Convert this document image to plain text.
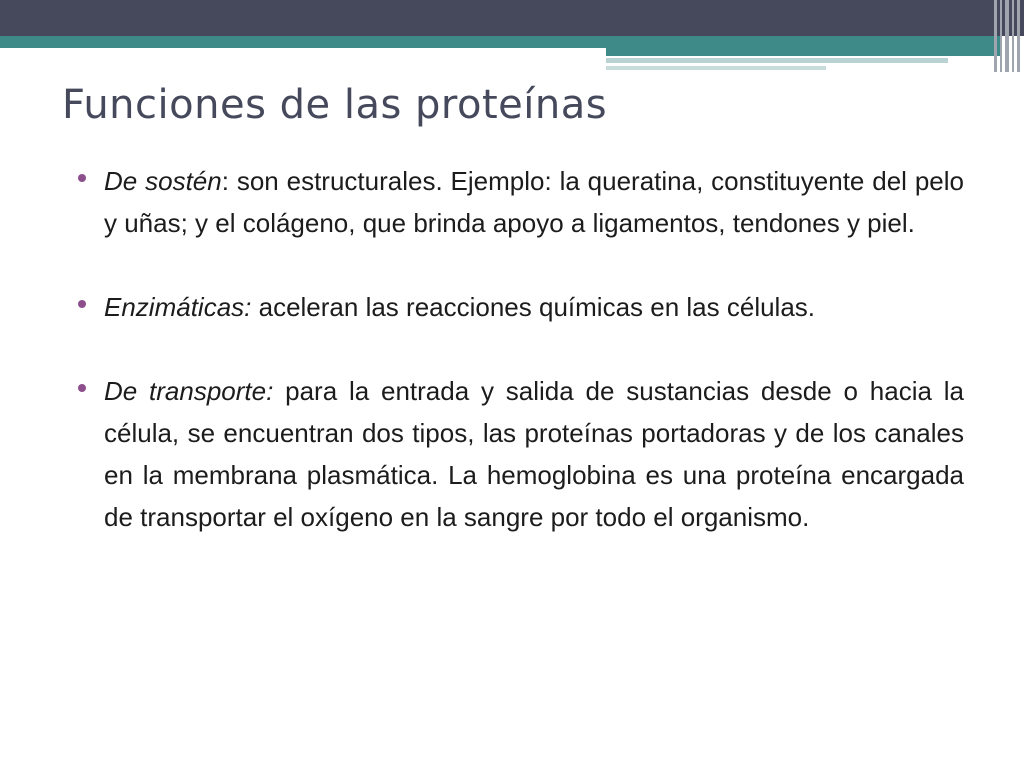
Funciones de las proteínas
De sostén: son estructurales. Ejemplo: la queratina, constituyente del pelo y uñas; y el colágeno, que brinda apoyo a ligamentos, tendones y piel.
Enzimáticas: aceleran las reacciones químicas en las células.
De transporte: para la entrada y salida de sustancias desde o hacia la célula, se encuentran dos tipos, las proteínas portadoras y de los canales en la membrana plasmática. La hemoglobina es una proteína encargada de transportar el oxígeno en la sangre por todo el organismo.
